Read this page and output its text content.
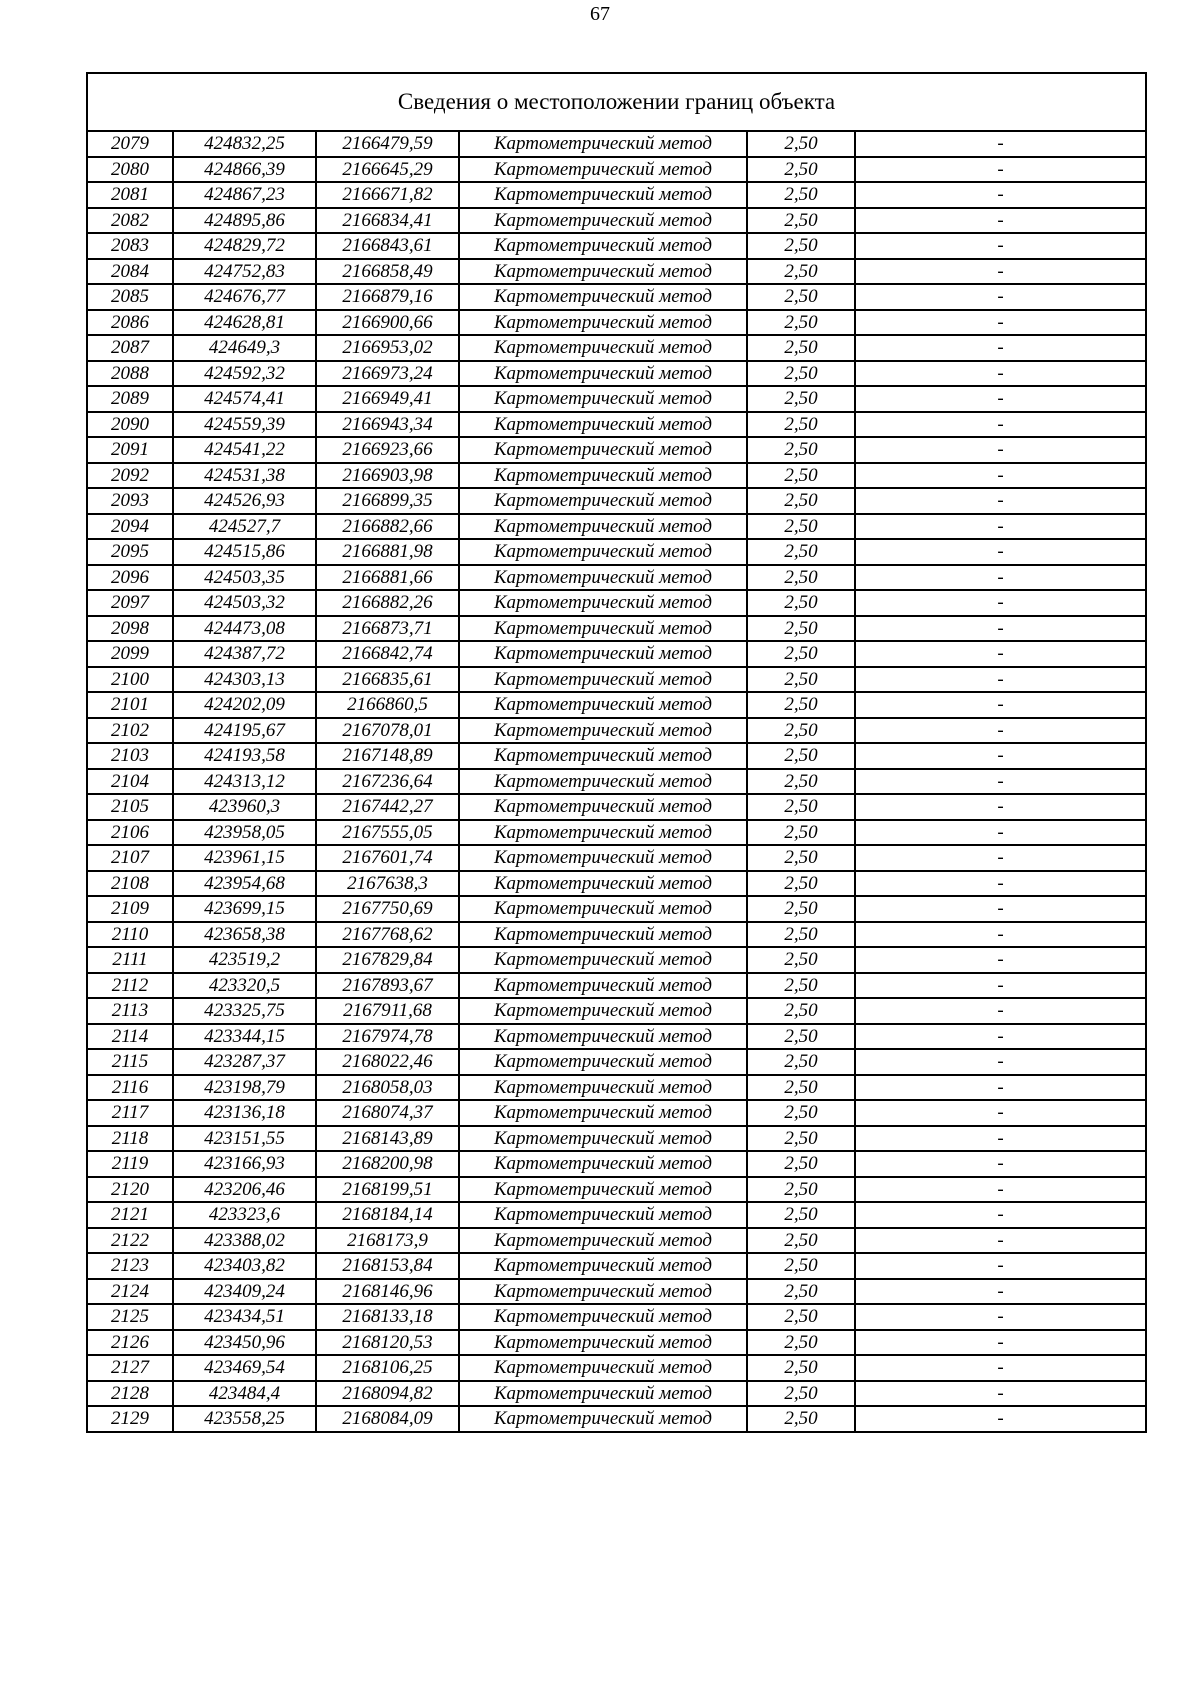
67
Сведения о местоположении границ объекта					
2079	424832,25	2166479,59	Картометрический метод	2,50	-
2080	424866,39	2166645,29	Картометрический метод	2,50	-
2081	424867,23	2166671,82	Картометрический метод	2,50	-
2082	424895,86	2166834,41	Картометрический метод	2,50	-
2083	424829,72	2166843,61	Картометрический метод	2,50	-
2084	424752,83	2166858,49	Картометрический метод	2,50	-
2085	424676,77	2166879,16	Картометрический метод	2,50	-
2086	424628,81	2166900,66	Картометрический метод	2,50	-
2087	424649,3	2166953,02	Картометрический метод	2,50	-
2088	424592,32	2166973,24	Картометрический метод	2,50	-
2089	424574,41	2166949,41	Картометрический метод	2,50	-
2090	424559,39	2166943,34	Картометрический метод	2,50	-
2091	424541,22	2166923,66	Картометрический метод	2,50	-
2092	424531,38	2166903,98	Картометрический метод	2,50	-
2093	424526,93	2166899,35	Картометрический метод	2,50	-
2094	424527,7	2166882,66	Картометрический метод	2,50	-
2095	424515,86	2166881,98	Картометрический метод	2,50	-
2096	424503,35	2166881,66	Картометрический метод	2,50	-
2097	424503,32	2166882,26	Картометрический метод	2,50	-
2098	424473,08	2166873,71	Картометрический метод	2,50	-
2099	424387,72	2166842,74	Картометрический метод	2,50	-
2100	424303,13	2166835,61	Картометрический метод	2,50	-
2101	424202,09	2166860,5	Картометрический метод	2,50	-
2102	424195,67	2167078,01	Картометрический метод	2,50	-
2103	424193,58	2167148,89	Картометрический метод	2,50	-
2104	424313,12	2167236,64	Картометрический метод	2,50	-
2105	423960,3	2167442,27	Картометрический метод	2,50	-
2106	423958,05	2167555,05	Картометрический метод	2,50	-
2107	423961,15	2167601,74	Картометрический метод	2,50	-
2108	423954,68	2167638,3	Картометрический метод	2,50	-
2109	423699,15	2167750,69	Картометрический метод	2,50	-
2110	423658,38	2167768,62	Картометрический метод	2,50	-
2111	423519,2	2167829,84	Картометрический метод	2,50	-
2112	423320,5	2167893,67	Картометрический метод	2,50	-
2113	423325,75	2167911,68	Картометрический метод	2,50	-
2114	423344,15	2167974,78	Картометрический метод	2,50	-
2115	423287,37	2168022,46	Картометрический метод	2,50	-
2116	423198,79	2168058,03	Картометрический метод	2,50	-
2117	423136,18	2168074,37	Картометрический метод	2,50	-
2118	423151,55	2168143,89	Картометрический метод	2,50	-
2119	423166,93	2168200,98	Картометрический метод	2,50	-
2120	423206,46	2168199,51	Картометрический метод	2,50	-
2121	423323,6	2168184,14	Картометрический метод	2,50	-
2122	423388,02	2168173,9	Картометрический метод	2,50	-
2123	423403,82	2168153,84	Картометрический метод	2,50	-
2124	423409,24	2168146,96	Картометрический метод	2,50	-
2125	423434,51	2168133,18	Картометрический метод	2,50	-
2126	423450,96	2168120,53	Картометрический метод	2,50	-
2127	423469,54	2168106,25	Картометрический метод	2,50	-
2128	423484,4	2168094,82	Картометрический метод	2,50	-
2129	423558,25	2168084,09	Картометрический метод	2,50	-
